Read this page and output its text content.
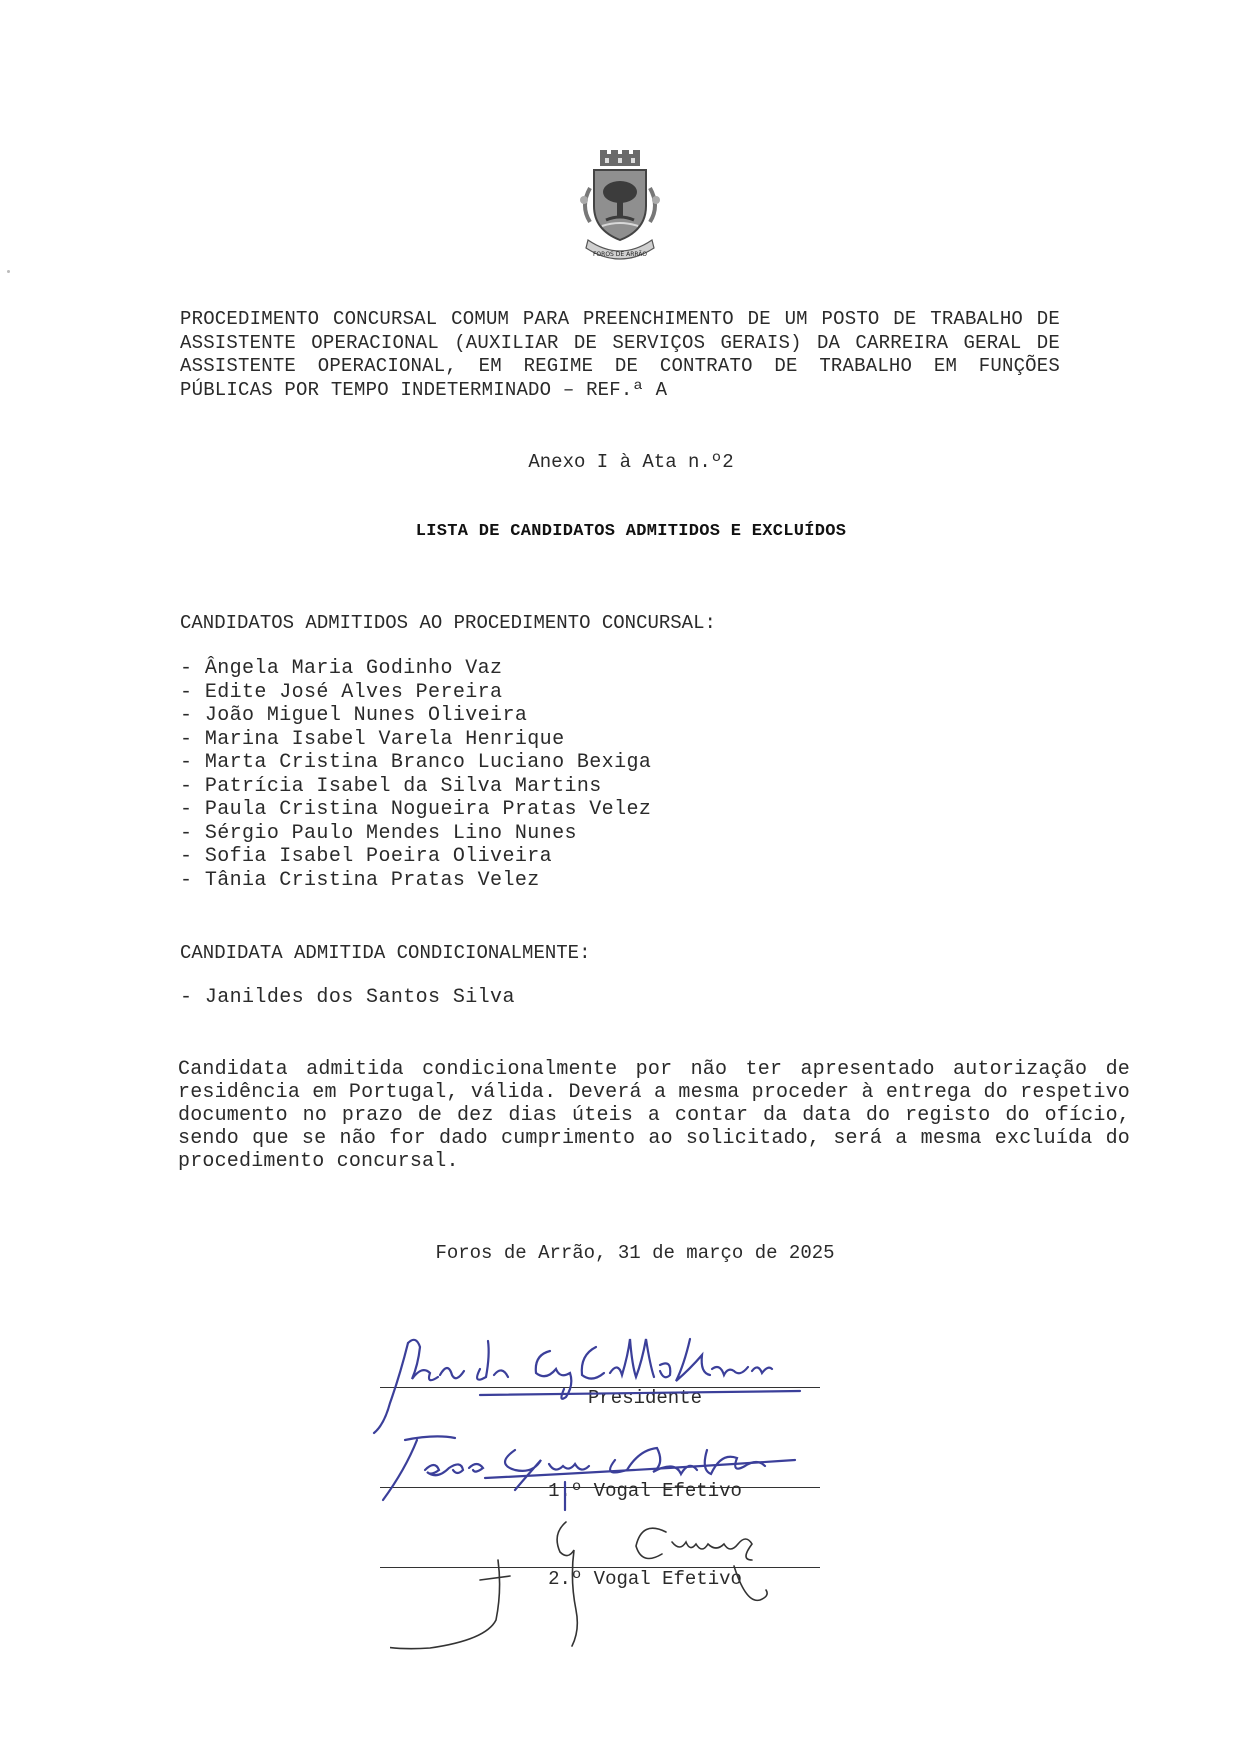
FOROS DE ARRÃO
PROCEDIMENTO CONCURSAL COMUM PARA PREENCHIMENTO DE UM POSTO DE TRABALHO DE ASSISTENTE OPERACIONAL (AUXILIAR DE SERVIÇOS GERAIS) DA CARREIRA GERAL DE ASSISTENTE OPERACIONAL, EM REGIME DE CONTRATO DE TRABALHO EM FUNÇÕES PÚBLICAS POR TEMPO INDETERMINADO – REF.ª A
Anexo I à Ata n.º2
LISTA DE CANDIDATOS ADMITIDOS E EXCLUÍDOS
CANDIDATOS ADMITIDOS AO PROCEDIMENTO CONCURSAL:
- Ângela Maria Godinho Vaz
- Edite José Alves Pereira
- João Miguel Nunes Oliveira
- Marina Isabel Varela Henrique
- Marta Cristina Branco Luciano Bexiga
- Patrícia Isabel da Silva Martins
- Paula Cristina Nogueira Pratas Velez
- Sérgio Paulo Mendes Lino Nunes
- Sofia Isabel Poeira Oliveira
- Tânia Cristina Pratas Velez
CANDIDATA ADMITIDA CONDICIONALMENTE:
- Janildes dos Santos Silva
Candidata admitida condicionalmente por não ter apresentado autorização de residência em Portugal, válida. Deverá a mesma proceder à entrega do respetivo documento no prazo de dez dias úteis a contar da data do registo do ofício, sendo que se não for dado cumprimento ao solicitado, será a mesma excluída do procedimento concursal.
Foros de Arrão, 31 de março de 2025
Presidente
1.º Vogal Efetivo
2.º Vogal Efetivo
